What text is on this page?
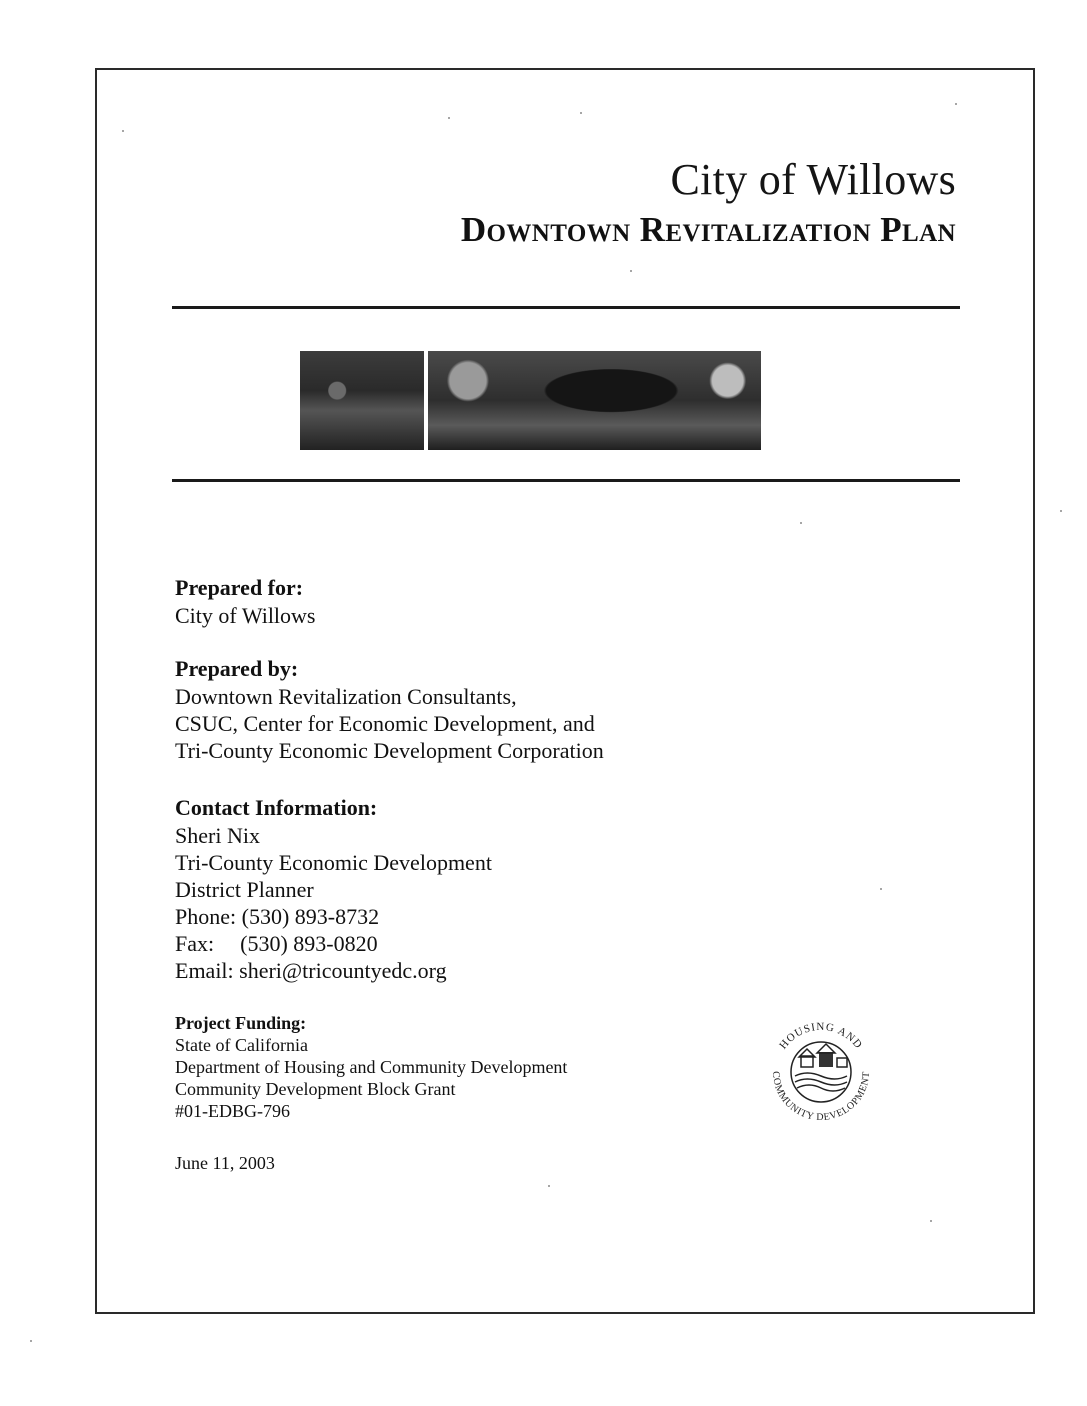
City of Willows
Downtown Revitalization Plan
Prepared for:
City of Willows
Prepared by:
Downtown Revitalization Consultants,
CSUC, Center for Economic Development, and
Tri-County Economic Development Corporation
Contact Information:
Sheri Nix
Tri-County Economic Development
District Planner
Phone: (530) 893-8732
Fax: (530) 893-0820
Email: sheri@tricountyedc.org
Project Funding:
State of California
Department of Housing and Community Development
Community Development Block Grant
#01-EDBG-796
June 11, 2003
HOUSING AND
COMMUNITY DEVELOPMENT
